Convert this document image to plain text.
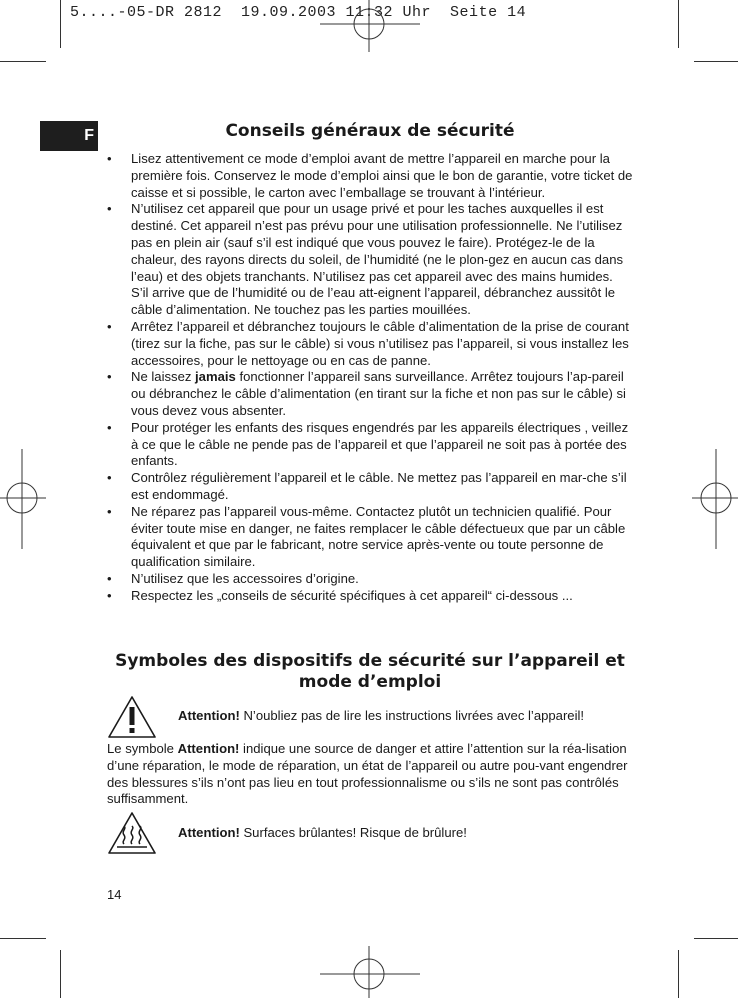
5....-05-DR 2812  19.09.2003 11:32 Uhr  Seite 14
F	Conseils généraux de sécurité
• Lisez attentivement ce mode d’emploi avant de mettre l’appareil en marche pour la première fois. Conservez le mode d’emploi ainsi que le bon de garantie, votre ticket de caisse et si possible, le carton avec l’emballage se trouvant à l’intérieur.
• N’utilisez cet appareil que pour un usage privé et pour les taches auxquelles il est destiné. Cet appareil n’est pas prévu pour une utilisation professionnelle. Ne l’utilisez pas en plein air (sauf s’il est indiqué que vous pouvez le faire). Protégez-le de la chaleur, des rayons directs du soleil, de l’humidité (ne le plon-gez en aucun cas dans l’eau) et des objets tranchants. N’utilisez pas cet appareil avec des mains humides. S’il arrive que de l’humidité ou de l’eau att-eignent l’appareil, débranchez aussitôt le câble d’alimentation. Ne touchez pas les parties mouillées.
• Arrêtez l’appareil et débranchez toujours le câble d’alimentation de la prise de courant (tirez sur la fiche, pas sur le câble) si vous n’utilisez pas l’appareil, si vous installez les accessoires, pour le nettoyage ou en cas de panne.
• Ne laissez jamais fonctionner l’appareil sans surveillance. Arrêtez toujours l’ap-pareil ou débranchez le câble d’alimentation (en tirant sur la fiche et non pas sur le câble) si vous devez vous absenter.
• Pour protéger les enfants des risques engendrés par les appareils électriques , veillez à ce que le câble ne pende pas de l’appareil et que l’appareil ne soit pas à portée des enfants.
• Contrôlez régulièrement l’appareil et le câble. Ne mettez pas l’appareil en mar-che s’il est endommagé.
• Ne réparez pas l’appareil vous-même. Contactez plutôt un technicien qualifié. Pour éviter toute mise en danger, ne faites remplacer le câble défectueux que par un câble équivalent et que par le fabricant, notre service après-vente ou toute personne de qualification similaire.
• N’utilisez que les accessoires d’origine.
• Respectez les „conseils de sécurité spécifiques à cet appareil“ ci-dessous ...
Symboles des dispositifs de sécurité sur l’appareil et mode d’emploi
Attention! N’oubliez pas de lire les instructions livrées avec l’appareil!

Le symbole Attention! indique une source de danger et attire l’attention sur la réa-lisation d’une réparation, le mode de réparation, un état de l’appareil ou autre pou-vant engendrer des blessures s’ils n’ont pas lieu en tout professionnalisme ou s’ils ne sont pas contrôlés suffisamment.

Attention! Surfaces brûlantes! Risque de brûlure!
14
